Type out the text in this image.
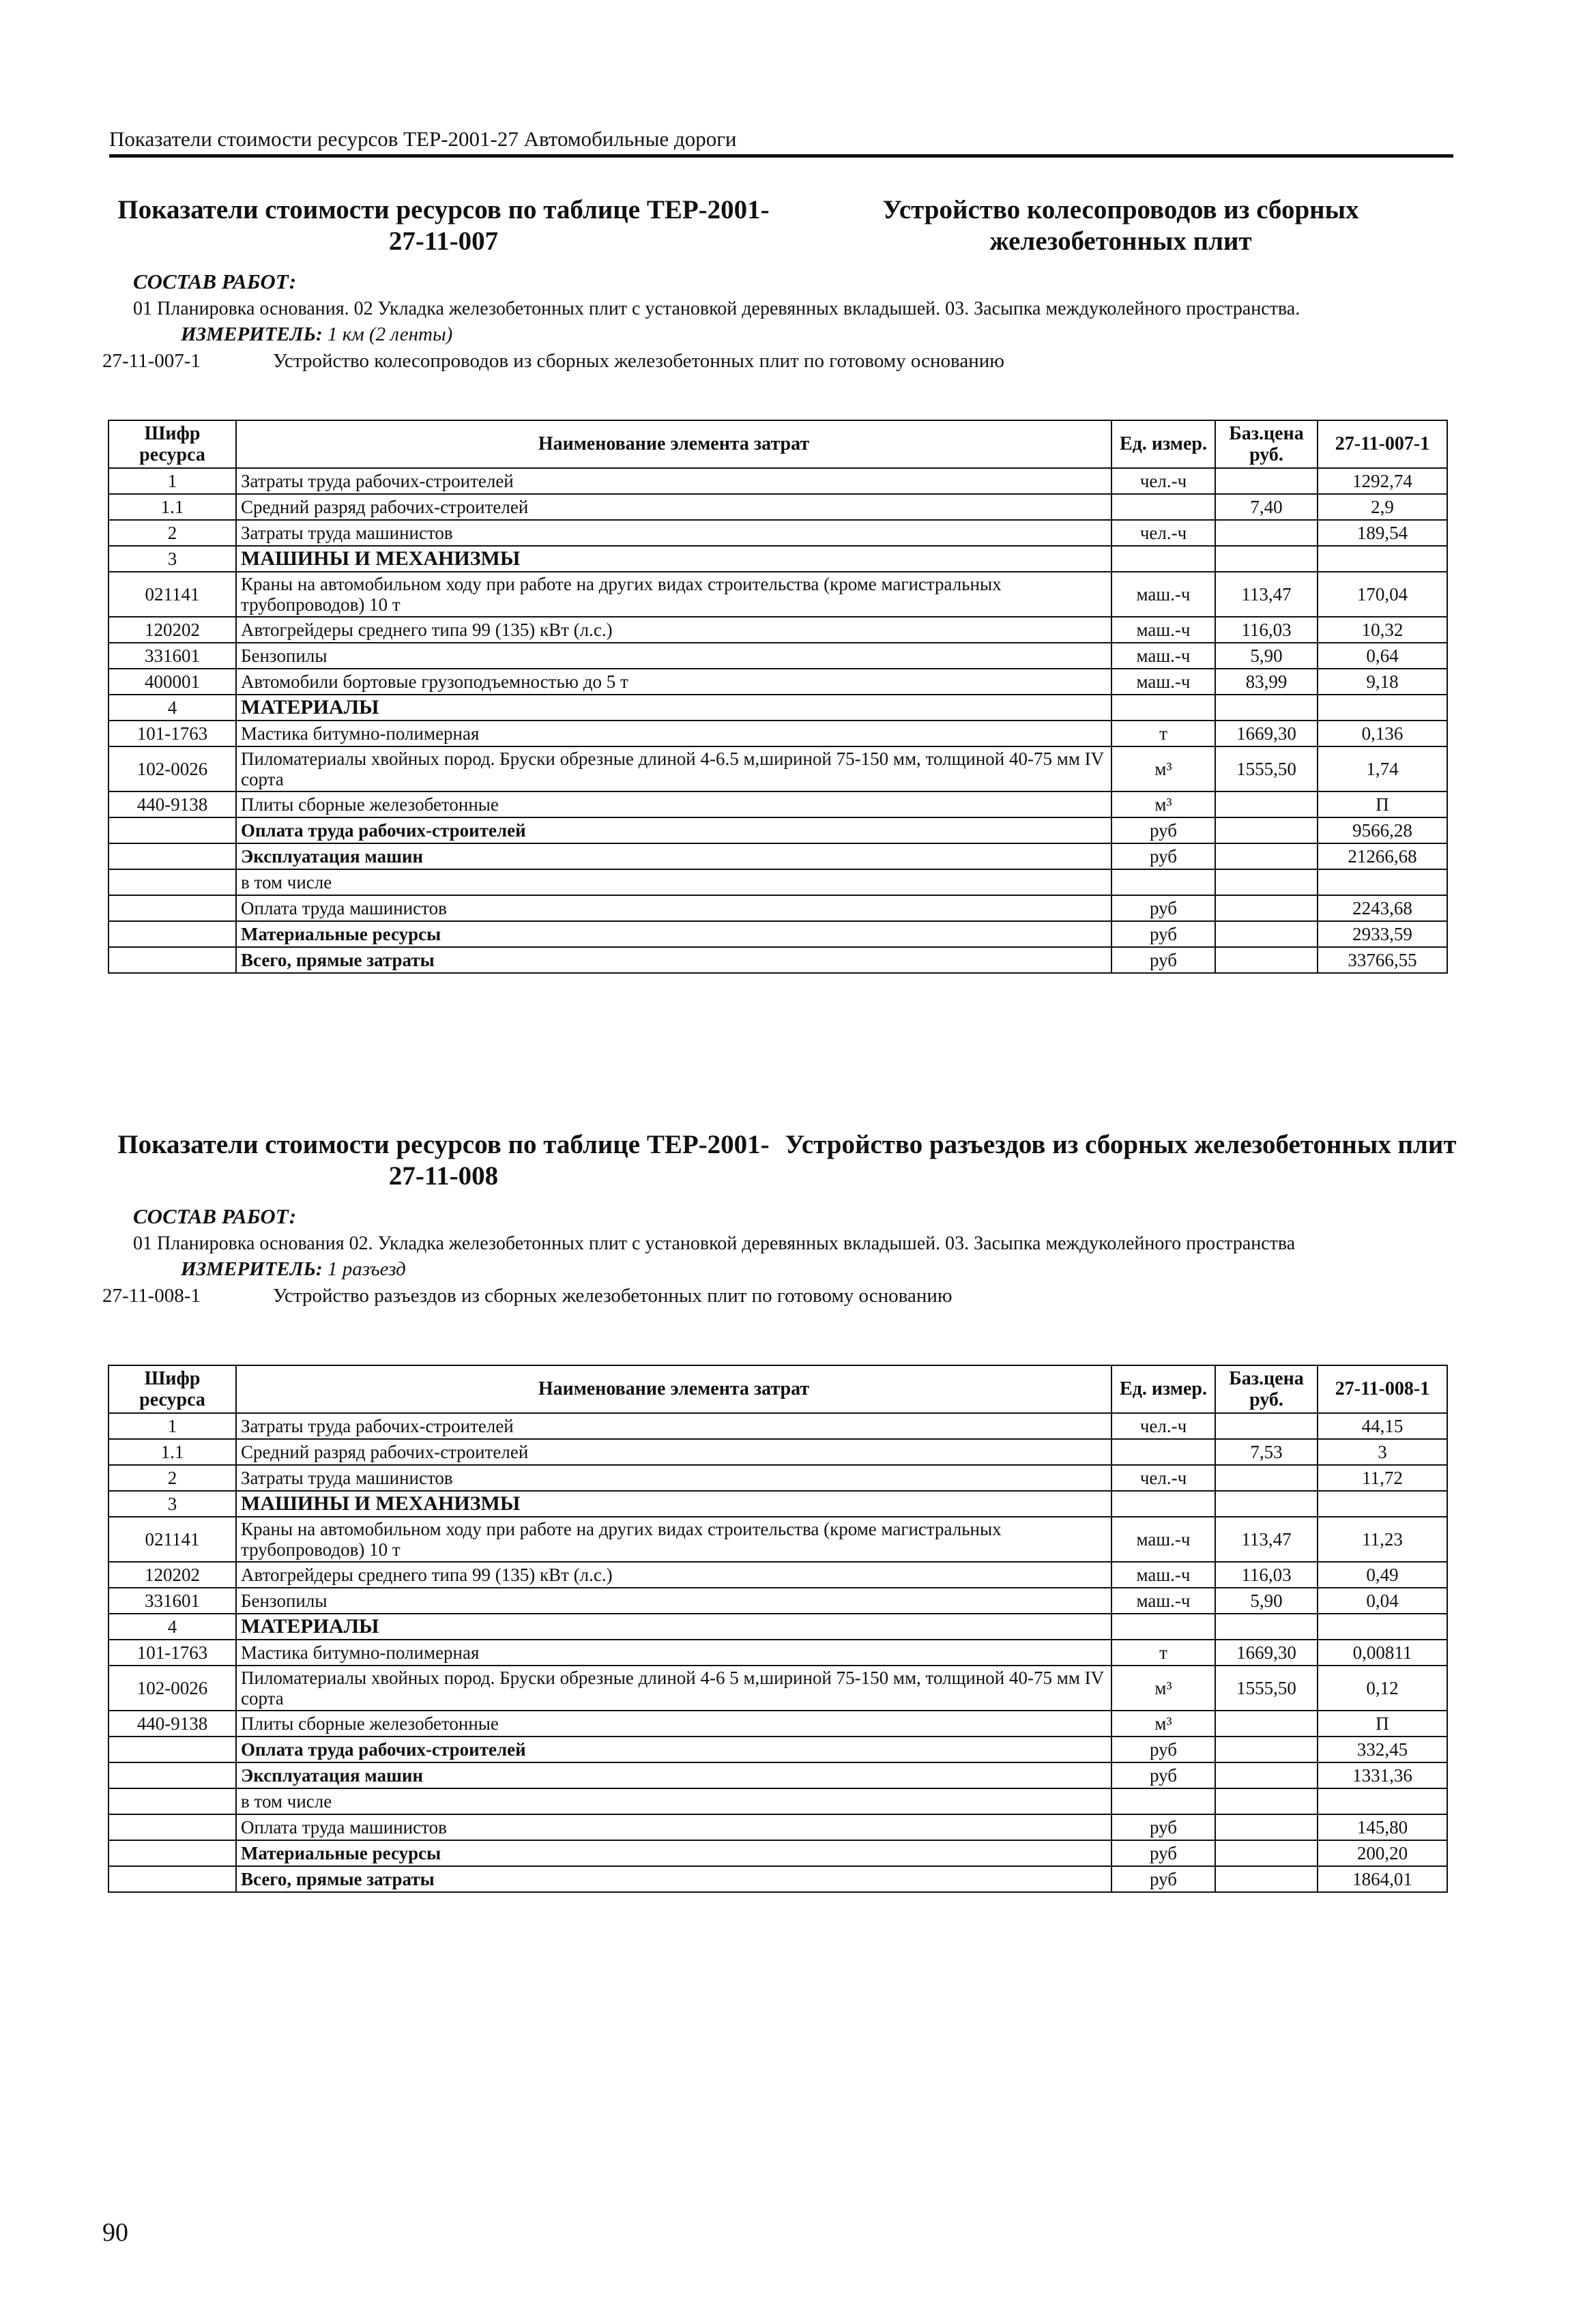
Показатели стоимости ресурсов ТЕР-2001-27 Автомобильные дороги
Показатели стоимости ресурсов по таблице ТЕР-2001-27-11-007
Устройство колесопроводов из сборных железобетонных плит
СОСТАВ РАБОТ:
01 Планировка основания. 02 Укладка железобетонных плит с установкой деревянных вкладышей. 03. Засыпка междуколейного пространства.
ИЗМЕРИТЕЛЬ: 1 км (2 ленты)
27-11-007-1	Устройство колесопроводов из сборных железобетонных плит по готовому основанию
Шифр ресурса	Наименование элемента затрат	Ед. измер.	Баз.цена руб.	27-11-007-1
1	Затраты труда рабочих-строителей	чел.-ч		1292,74
1.1	Средний разряд рабочих-строителей		7,40	2,9
2	Затраты труда машинистов	чел.-ч		189,54
3	МАШИНЫ И МЕХАНИЗМЫ			
021141	Краны на автомобильном ходу при работе на других видах строительства (кроме магистральных трубопроводов) 10 т	маш.-ч	113,47	170,04
120202	Автогрейдеры среднего типа 99 (135) кВт (л.с.)	маш.-ч	116,03	10,32
331601	Бензопилы	маш.-ч	5,90	0,64
400001	Автомобили бортовые грузоподъемностью до 5 т	маш.-ч	83,99	9,18
4	МАТЕРИАЛЫ			
101-1763	Мастика битумно-полимерная	т	1669,30	0,136
102-0026	Пиломатериалы хвойных пород. Бруски обрезные длиной 4-6.5 м,шириной 75-150 мм, толщиной 40-75 мм IV сорта	м³	1555,50	1,74
440-9138	Плиты сборные железобетонные	м³		П
	Оплата труда рабочих-строителей	руб		9566,28
	Эксплуатация машин	руб		21266,68
	в том числе			
	Оплата труда машинистов	руб		2243,68
	Материальные ресурсы	руб		2933,59
	Всего, прямые затраты	руб		33766,55
Показатели стоимости ресурсов по таблице ТЕР-2001-27-11-008
Устройство разъездов из сборных железобетонных плит
СОСТАВ РАБОТ:
01 Планировка основания 02. Укладка железобетонных плит с установкой деревянных вкладышей. 03. Засыпка междуколейного пространства
ИЗМЕРИТЕЛЬ: 1 разъезд
27-11-008-1	Устройство разъездов из сборных железобетонных плит по готовому основанию
Шифр ресурса	Наименование элемента затрат	Ед. измер.	Баз.цена руб.	27-11-008-1
1	Затраты труда рабочих-строителей	чел.-ч		44,15
1.1	Средний разряд рабочих-строителей		7,53	3
2	Затраты труда машинистов	чел.-ч		11,72
3	МАШИНЫ И МЕХАНИЗМЫ			
021141	Краны на автомобильном ходу при работе на других видах строительства (кроме магистральных трубопроводов) 10 т	маш.-ч	113,47	11,23
120202	Автогрейдеры среднего типа 99 (135) кВт (л.с.)	маш.-ч	116,03	0,49
331601	Бензопилы	маш.-ч	5,90	0,04
4	МАТЕРИАЛЫ			
101-1763	Мастика битумно-полимерная	т	1669,30	0,00811
102-0026	Пиломатериалы хвойных пород. Бруски обрезные длиной 4-6 5 м,шириной 75-150 мм, толщиной 40-75 мм IV сорта	м³	1555,50	0,12
440-9138	Плиты сборные железобетонные	м³		П
	Оплата труда рабочих-строителей	руб		332,45
	Эксплуатация машин	руб		1331,36
	в том числе			
	Оплата труда машинистов	руб		145,80
	Материальные ресурсы	руб		200,20
	Всего, прямые затраты	руб		1864,01
90
